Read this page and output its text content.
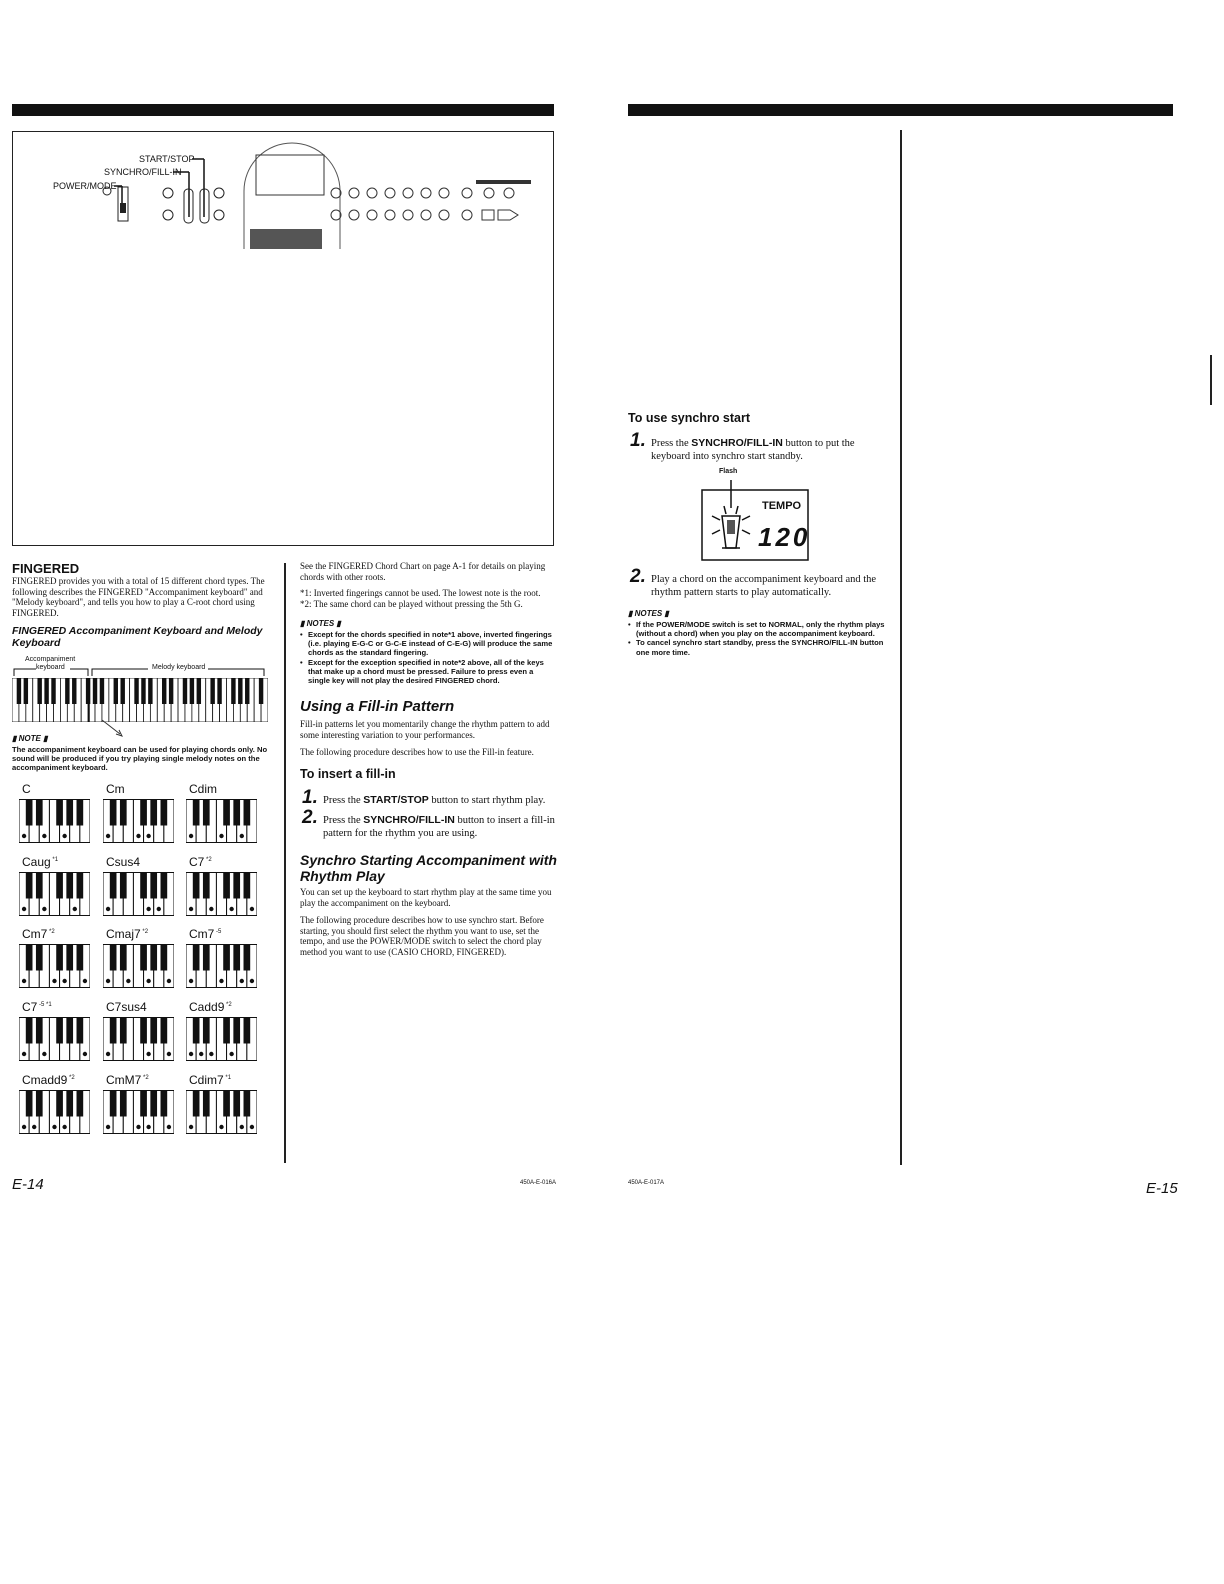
START/STOP
SYNCHRO/FILL-IN
POWER/MODE
FINGERED
FINGERED provides you with a total of 15 different chord types. The following describes the FINGERED "Accompaniment keyboard" and "Melody keyboard", and tells you how to play a C-root chord using FINGERED.
FINGERED Accompaniment Keyboard and Melody Keyboard
Accompaniment
keyboard	Melody keyboard
▮ NOTE ▮
The accompaniment keyboard can be used for playing chords only. No sound will be produced if you try playing single melody notes on the accompaniment keyboard.
C	Cm	Cdim
Caug $^{*1}$	Csus4	C7 $^{*2}$
Cm7 $^{*2}$	Cmaj7 $^{*2}$	Cm7 $^{-5}$
C7 $^{-5 *1}$	C7sus4	Cadd9 $^{*2}$
Cmadd9 $^{*2}$	CmM7 $^{*2}$	Cdim7 $^{*1}$
E-14
See the FINGERED Chord Chart on page A-1 for details on playing chords with other roots.
*1: Inverted fingerings cannot be used. The lowest note is the root.
*2: The same chord can be played without pressing the 5th G.
▮ NOTES ▮
• Except for the chords specified in note*1 above, inverted fingerings (i.e. playing E-G-C or G-C-E instead of C-E-G) will produce the same chords as the standard fingering.
• Except for the exception specified in note*2 above, all of the keys that make up a chord must be pressed. Failure to press even a single key will not play the desired FINGERED chord.
Using a Fill-in Pattern
Fill-in patterns let you momentarily change the rhythm pattern to add some interesting variation to your performances.
The following procedure describes how to use the Fill-in feature.
To insert a fill-in
1. Press the START/STOP button to start rhythm play.
2. Press the SYNCHRO/FILL-IN button to insert a fill-in pattern for the rhythm you are using.
Synchro Starting Accompaniment with Rhythm Play
You can set up the keyboard to start rhythm play at the same time you play the accompaniment on the keyboard.
The following procedure describes how to use synchro start. Before starting, you should first select the rhythm you want to use, set the tempo, and use the POWER/MODE switch to select the chord play method you want to use (CASIO CHORD, FINGERED).
450A-E-016A
To use synchro start
1. Press the SYNCHRO/FILL-IN button to put the keyboard into synchro start standby.
Flash
TEMPO
120
2. Play a chord on the accompaniment keyboard and the rhythm pattern starts to play automatically.
▮ NOTES ▮
• If the POWER/MODE switch is set to NORMAL, only the rhythm plays (without a chord) when you play on the accompaniment keyboard.
• To cancel synchro start standby, press the SYNCHRO/FILL-IN button one more time.
450A-E-017A	E-15
